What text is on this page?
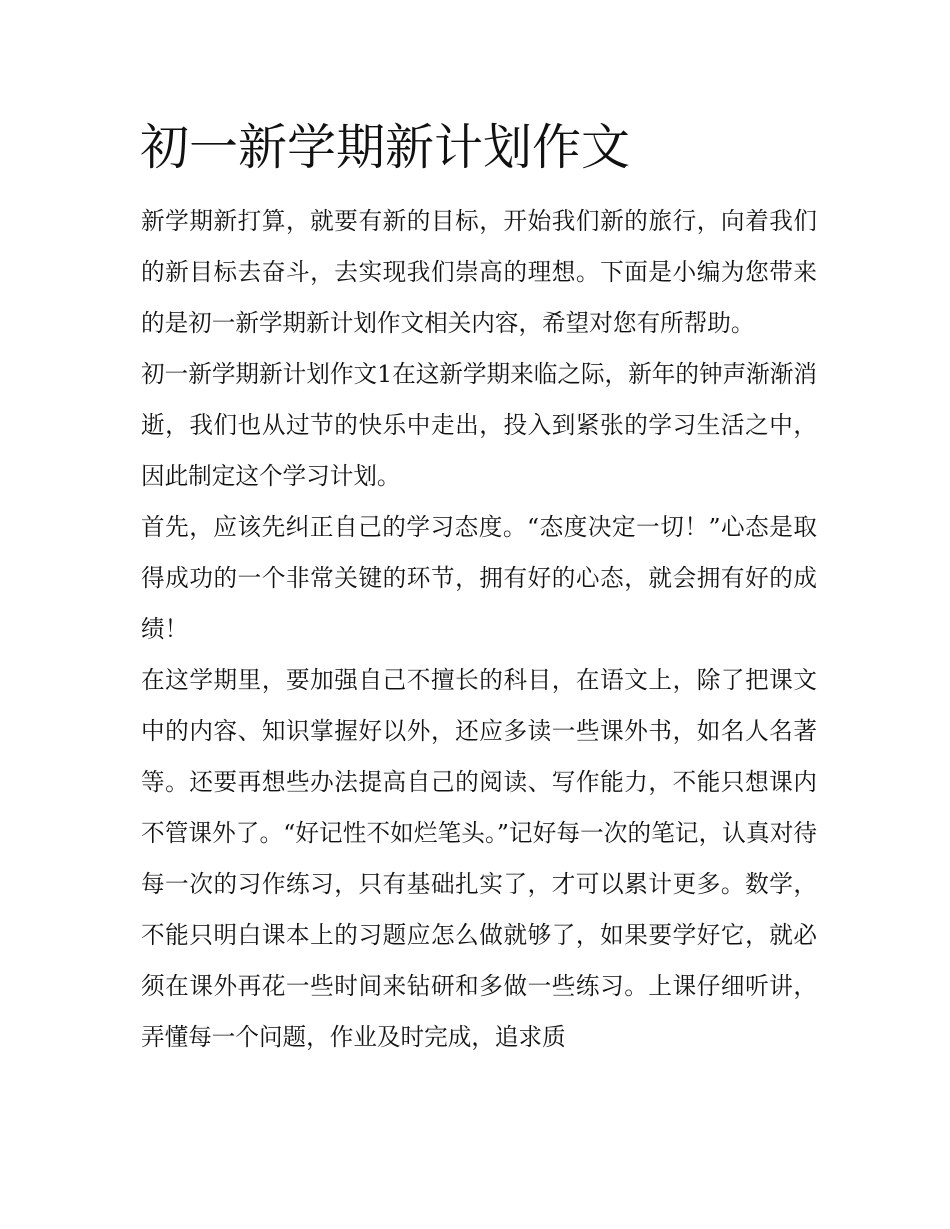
初一新学期新计划作文

新学期新打算，就要有新的目标，开始我们新的旅行，向着我们的新目标去奋斗，去实现我们崇高的理想。下面是小编为您带来的是初一新学期新计划作文相关内容，希望对您有所帮助。

初一新学期新计划作文1在这新学期来临之际，新年的钟声渐渐消逝，我们也从过节的快乐中走出，投入到紧张的学习生活之中，因此制定这个学习计划。

首先，应该先纠正自己的学习态度。“态度决定一切！”心态是取得成功的一个非常关键的环节，拥有好的心态，就会拥有好的成绩！

在这学期里，要加强自己不擅长的科目，在语文上，除了把课文中的内容、知识掌握好以外，还应多读一些课外书，如名人名著等。还要再想些办法提高自己的阅读、写作能力，不能只想课内不管课外了。“好记性不如烂笔头。”记好每一次的笔记，认真对待每一次的习作练习，只有基础扎实了，才可以累计更多。数学，不能只明白课本上的习题应怎么做就够了，如果要学好它，就必须在课外再花一些时间来钻研和多做一些练习。上课仔细听讲，弄懂每一个问题，作业及时完成，追求质
